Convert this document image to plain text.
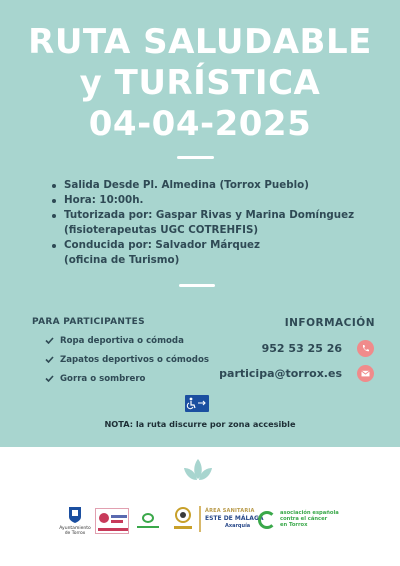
RUTA SALUDABLE
y TURÍSTICA
04-04-2025
Salida Desde Pl. Almedina (Torrox Pueblo)
Hora: 10:00h.
Tutorizada por: Gaspar Rivas y Marina Domínguez
(fisioterapeutas UGC COTREHFIS)
Conducida por: Salvador Márquez
(oficina de Turismo)
PARA PARTICIPANTES
Ropa deportiva o cómoda
Zapatos deportivos o cómodos
Gorra o sombrero
INFORMACIÓN
952 53 25 26
participa@torrox.es
NOTA: la ruta discurre por zona accesible
Ayuntamiento de Torrox
ÁREA SANITARIA
ESTE DE MÁLAGA
Axarquía
asociación española
contra el cáncer
en Torrox
